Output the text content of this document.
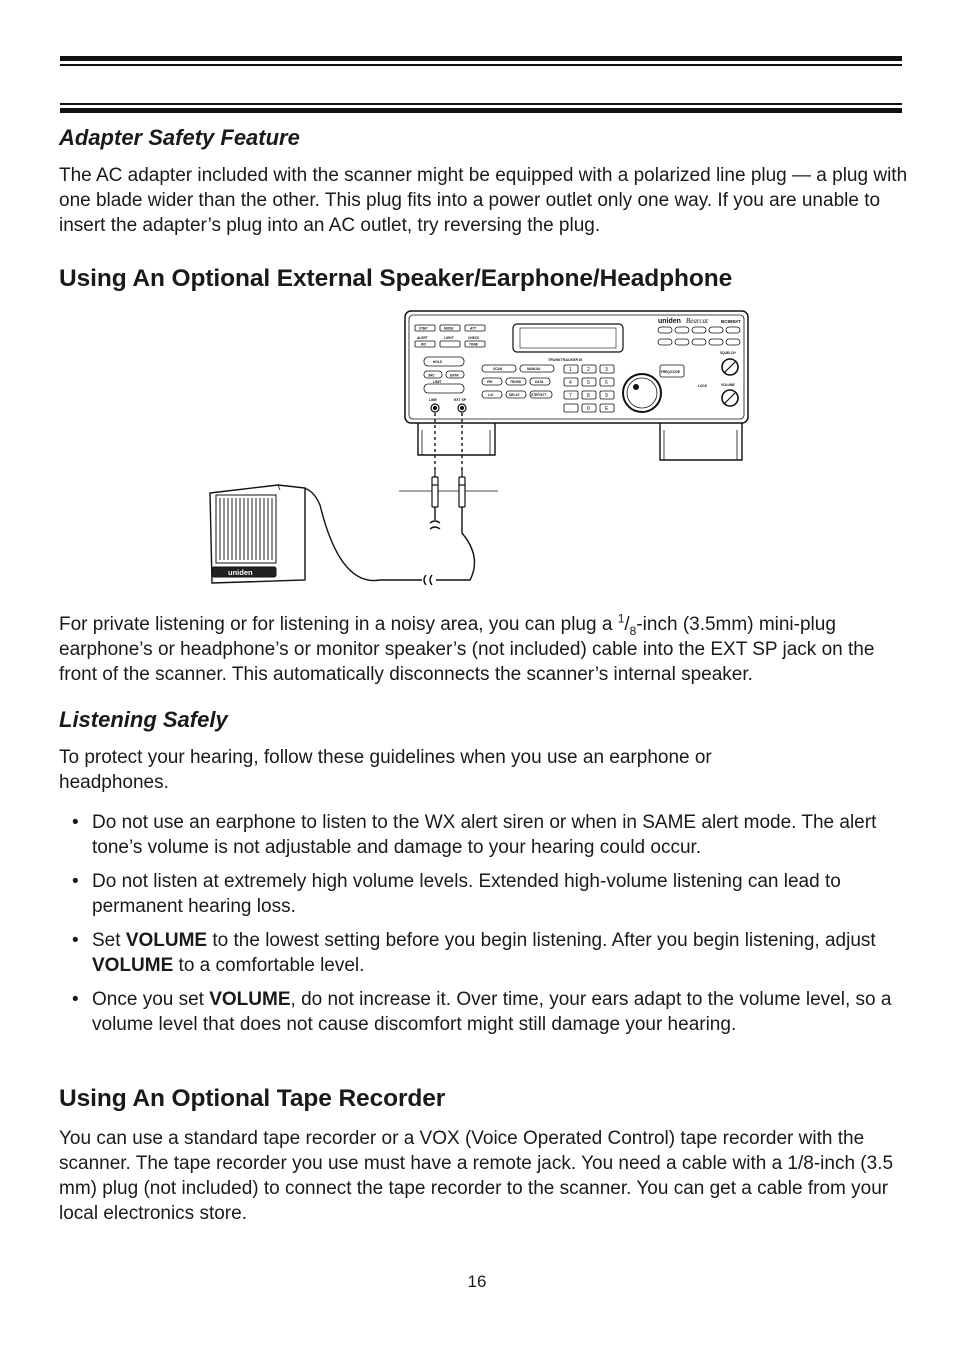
Adapter Safety Feature

The AC adapter included with the scanner might be equipped with a polarized line plug — a plug with one blade wider than the other. This plug fits into a power outlet only one way. If you are unable to insert the adapter’s plug into an AC outlet, try reversing the plug.

Using An Optional External Speaker/Earphone/Headphone
uniden Bearcat	BC895XT
TRUNKTRACKER III
STEP	MODE	ATT
ALERT
WX
LIGHT	CHECK
TONE
HOLD
SRC	ENTR
LIMIT
SCAN	MANUAL
PRI	TRUNK	DATA
L/O	DELAY	STEP/ATT
1	2	3
4	5	6
7	8	9
.	0	E
FREQ/CODE
LOCK
SQUELCH
VOLUME
LINE	EXT SP
uniden

For private listening or for listening in a noisy area, you can plug a $^1/_8$-inch (3.5mm) mini-plug earphone’s or headphone’s or monitor speaker’s (not included) cable into the EXT SP jack on the front of the scanner. This automatically disconnects the scanner’s internal speaker.

Listening Safely

To protect your hearing, follow these guidelines when you use an earphone or headphones.

• Do not use an earphone to listen to the WX alert siren or when in SAME alert mode. The alert tone’s volume is not adjustable and damage to your hearing could occur.
• Do not listen at extremely high volume levels. Extended high-volume listening can lead to permanent hearing loss.
• Set VOLUME to the lowest setting before you begin listening. After you begin listening, adjust VOLUME to a comfortable level.
• Once you set VOLUME, do not increase it. Over time, your ears adapt to the volume level, so a volume level that does not cause discomfort might still damage your hearing.
Using An Optional Tape Recorder

You can use a standard tape recorder or a VOX (Voice Operated Control) tape recorder with the scanner. The tape recorder you use must have a remote jack. You need a cable with a 1/8-inch (3.5 mm) plug (not included) to connect the tape recorder to the scanner. You can get a cable from your local electronics store.

16
